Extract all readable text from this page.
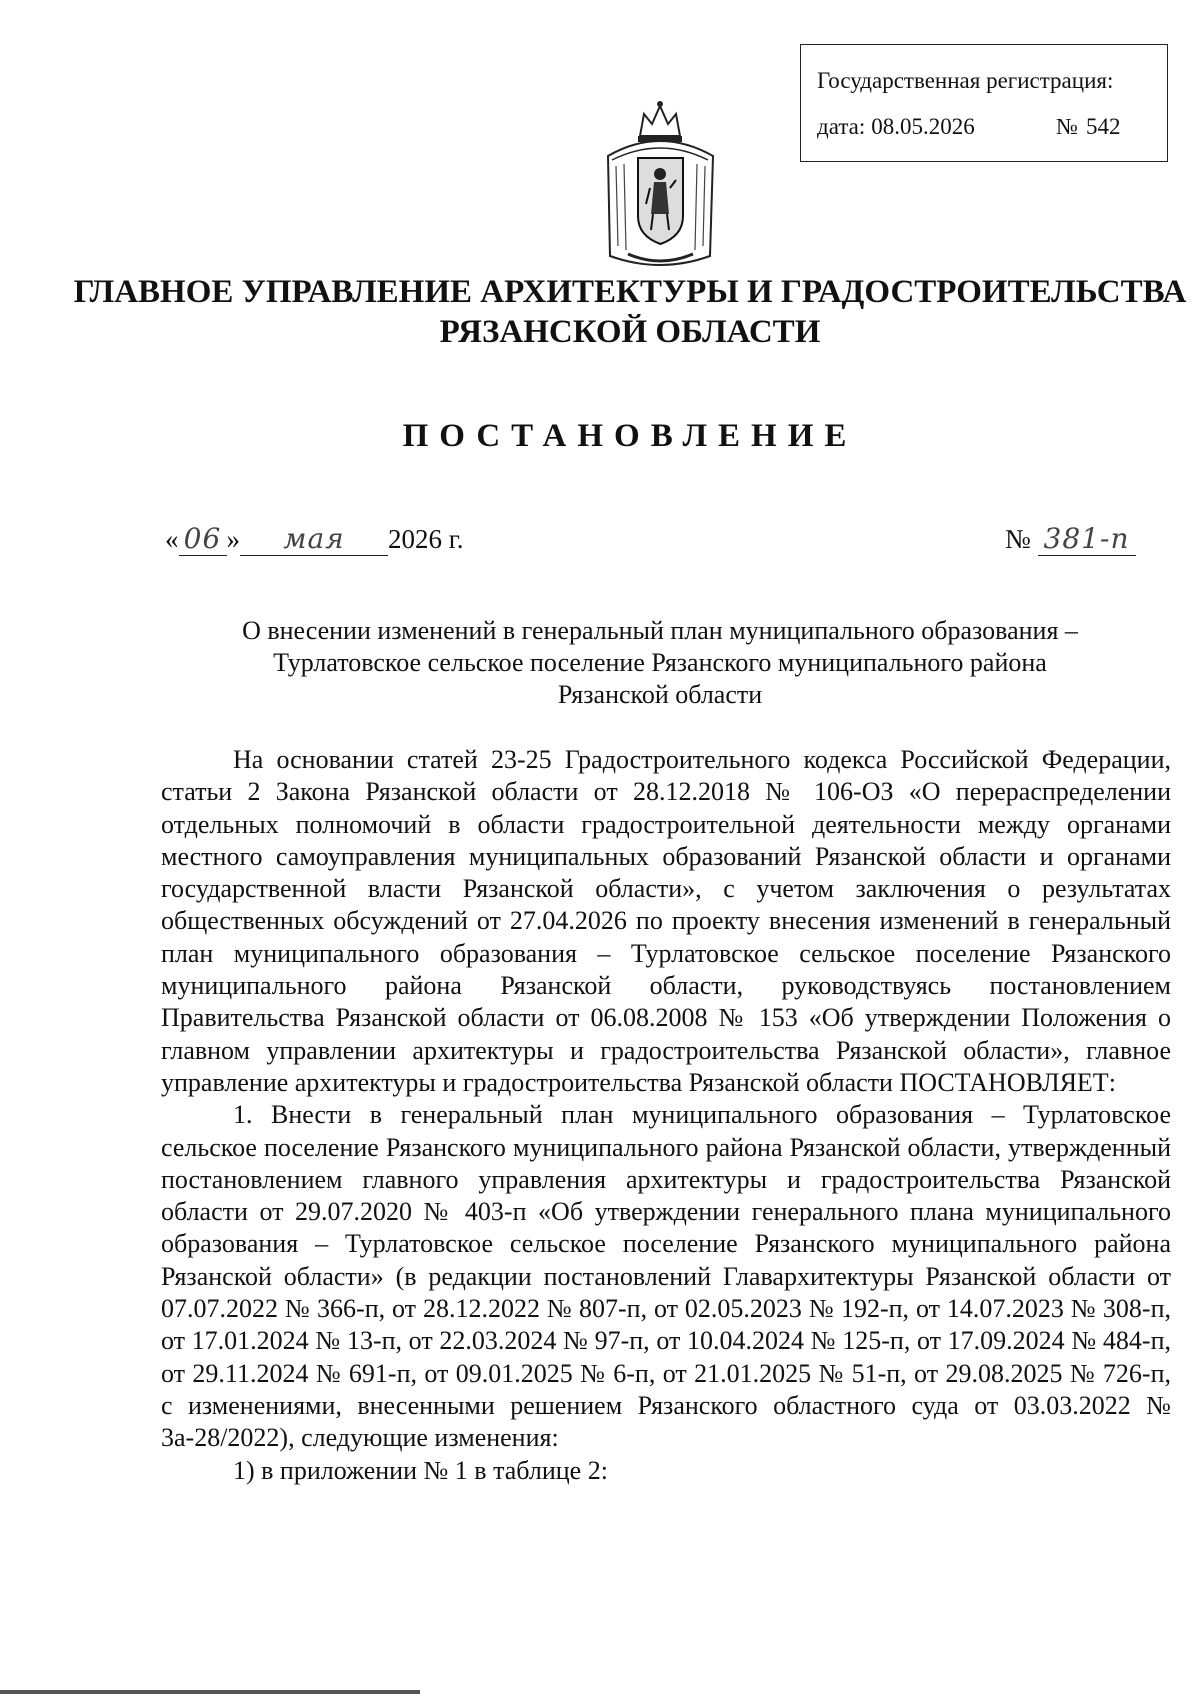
Государственная регистрация:
дата: 08.05.2026	№ 542
ГЛАВНОЕ УПРАВЛЕНИЕ АРХИТЕКТУРЫ И ГРАДОСТРОИТЕЛЬСТВА
РЯЗАНСКОЙ ОБЛАСТИ
ПОСТАНОВЛЕНИЕ
« 06 » мая 2026 г.	№ 381-п
О внесении изменений в генеральный план муниципального образования –
Турлатовское сельское поселение Рязанского муниципального района
Рязанской области

На основании статей 23-25 Градостроительного кодекса Российской Федерации, статьи 2 Закона Рязанской области от 28.12.2018 № 106-ОЗ «О перераспределении отдельных полномочий в области градостроительной деятельности между органами местного самоуправления муниципальных образований Рязанской области и органами государственной власти Рязанской области», с учетом заключения о результатах общественных обсуждений от 27.04.2026 по проекту внесения изменений в генеральный план муниципального образования – Турлатовское сельское поселение Рязанского муниципального района Рязанской области, руководствуясь постановлением Правительства Рязанской области от 06.08.2008 № 153 «Об утверждении Положения о главном управлении архитектуры и градостроительства Рязанской области», главное управление архитектуры и градостроительства Рязанской области ПОСТАНОВЛЯЕТ:

1. Внести в генеральный план муниципального образования – Турлатовское сельское поселение Рязанского муниципального района Рязанской области, утвержденный постановлением главного управления архитектуры и градостроительства Рязанской области от 29.07.2020 № 403-п «Об утверждении генерального плана муниципального образования – Турлатовское сельское поселение Рязанского муниципального района Рязанской области» (в редакции постановлений Главархитектуры Рязанской области от 07.07.2022 № 366-п, от 28.12.2022 № 807-п, от 02.05.2023 № 192-п, от 14.07.2023 № 308-п, от 17.01.2024 № 13-п, от 22.03.2024 № 97-п, от 10.04.2024 № 125-п, от 17.09.2024 № 484-п, от 29.11.2024 № 691-п, от 09.01.2025 № 6-п, от 21.01.2025 № 51-п, от 29.08.2025 № 726-п, с изменениями, внесенными решением Рязанского областного суда от 03.03.2022 № 3а-28/2022), следующие изменения:

1) в приложении № 1 в таблице 2:
